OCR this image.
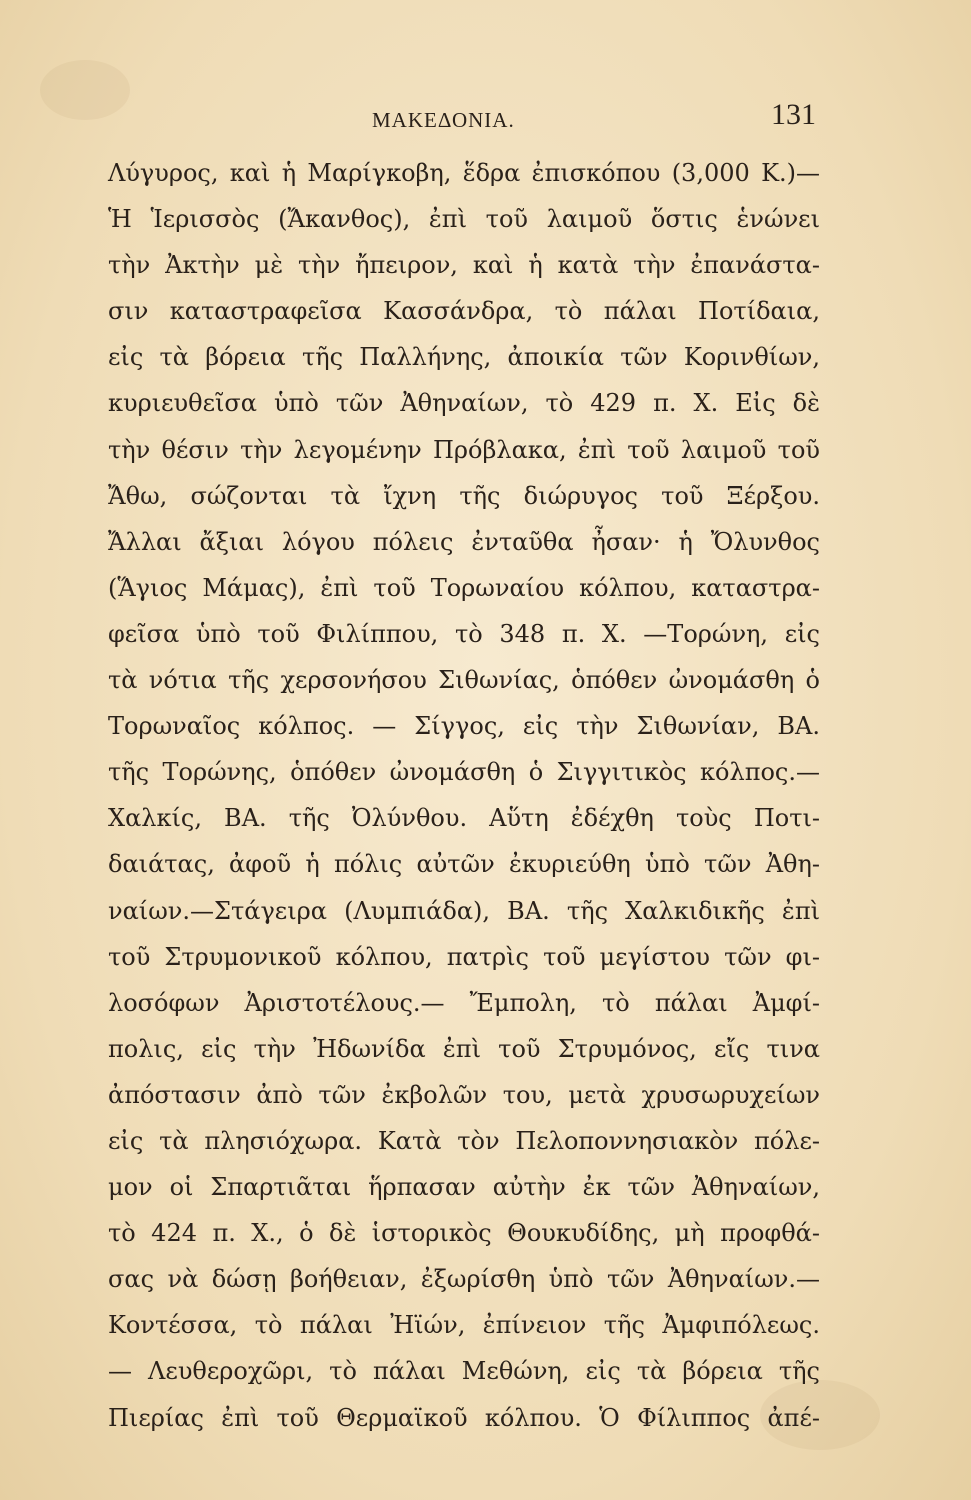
ΜΑΚΕΔΟΝΙΑ.	131
Λύγυρος, καὶ ἡ Μαρίγκοβη, ἕδρα ἐπισκόπου (3,000 Κ.)—
Ἡ Ἱερισσὸς (Ἄκανθος), ἐπὶ τοῦ λαιμοῦ ὅστις ἑνώνει
τὴν Ἀκτὴν μὲ τὴν ἤπειρον, καὶ ἡ κατὰ τὴν ἐπανάστα-
σιν καταστραφεῖσα Κασσάνδρα, τὸ πάλαι Ποτίδαια,
εἰς τὰ βόρεια τῆς Παλλήνης, ἀποικία τῶν Κορινθίων,
κυριευθεῖσα ὑπὸ τῶν Ἀθηναίων, τὸ 429 π. Χ. Εἰς δὲ
τὴν θέσιν τὴν λεγομένην Πρόβλακα, ἐπὶ τοῦ λαιμοῦ τοῦ
Ἄθω, σώζονται τὰ ἴχνη τῆς διώρυγος τοῦ Ξέρξου.
Ἄλλαι ἄξιαι λόγου πόλεις ἐνταῦθα ἦσαν· ἡ Ὄλυνθος
(Ἅγιος Μάμας), ἐπὶ τοῦ Τορωναίου κόλπου, καταστρα-
φεῖσα ὑπὸ τοῦ Φιλίππου, τὸ 348 π. Χ. —Τορώνη, εἰς
τὰ νότια τῆς χερσονήσου Σιθωνίας, ὁπόθεν ὠνομάσθη ὁ
Τορωναῖος κόλπος. — Σίγγος, εἰς τὴν Σιθωνίαν, ΒΑ.
τῆς Τορώνης, ὁπόθεν ὠνομάσθη ὁ Σιγγιτικὸς κόλπος.—
Χαλκίς, ΒΑ. τῆς Ὀλύνθου. Αὕτη ἐδέχθη τοὺς Ποτι-
δαιάτας, ἀφοῦ ἡ πόλις αὐτῶν ἐκυριεύθη ὑπὸ τῶν Ἀθη-
ναίων.—Στάγειρα (Λυμπιάδα), ΒΑ. τῆς Χαλκιδικῆς ἐπὶ
τοῦ Στρυμονικοῦ κόλπου, πατρὶς τοῦ μεγίστου τῶν φι-
λοσόφων Ἀριστοτέλους.— Ἔμπολη, τὸ πάλαι Ἀμφί-
πολις, εἰς τὴν Ἠδωνίδα ἐπὶ τοῦ Στρυμόνος, εἴς τινα
ἀπόστασιν ἀπὸ τῶν ἐκβολῶν του, μετὰ χρυσωρυχείων
εἰς τὰ πλησιόχωρα. Κατὰ τὸν Πελοποννησιακὸν πόλε-
μον οἱ Σπαρτιᾶται ἥρπασαν αὐτὴν ἐκ τῶν Ἀθηναίων,
τὸ 424 π. Χ., ὁ δὲ ἱστορικὸς Θουκυδίδης, μὴ προφθά-
σας νὰ δώσῃ βοήθειαν, ἐξωρίσθη ὑπὸ τῶν Ἀθηναίων.—
Κοντέσσα, τὸ πάλαι Ἠϊών, ἐπίνειον τῆς Ἀμφιπόλεως.
— Λευθεροχῶρι, τὸ πάλαι Μεθώνη, εἰς τὰ βόρεια τῆς
Πιερίας ἐπὶ τοῦ Θερμαϊκοῦ κόλπου. Ὁ Φίλιππος ἀπέ-
